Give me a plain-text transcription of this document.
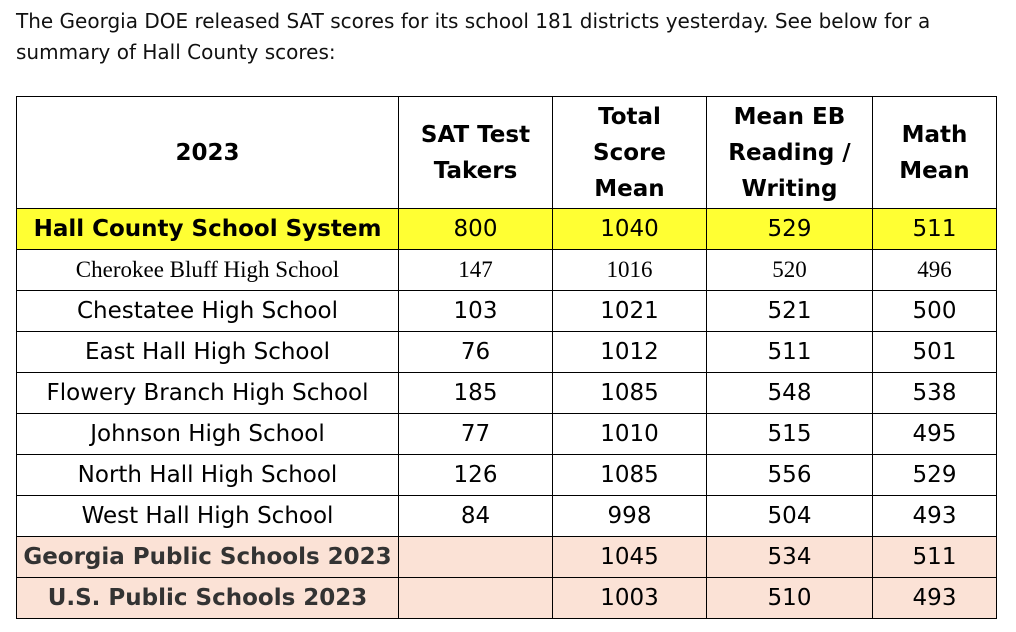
The Georgia DOE released SAT scores for its school 181 districts yesterday. See below for a summary of Hall County scores:
2023	SAT Test Takers	Total Score Mean	Mean EB Reading / Writing	Math Mean
Hall County School System	800	1040	529	511
Cherokee Bluff High School	147	1016	520	496
Chestatee High School	103	1021	521	500
East Hall High School	76	1012	511	501
Flowery Branch High School	185	1085	548	538
Johnson High School	77	1010	515	495
North Hall High School	126	1085	556	529
West Hall High School	84	998	504	493
Georgia Public Schools 2023		1045	534	511
U.S. Public Schools 2023		1003	510	493
